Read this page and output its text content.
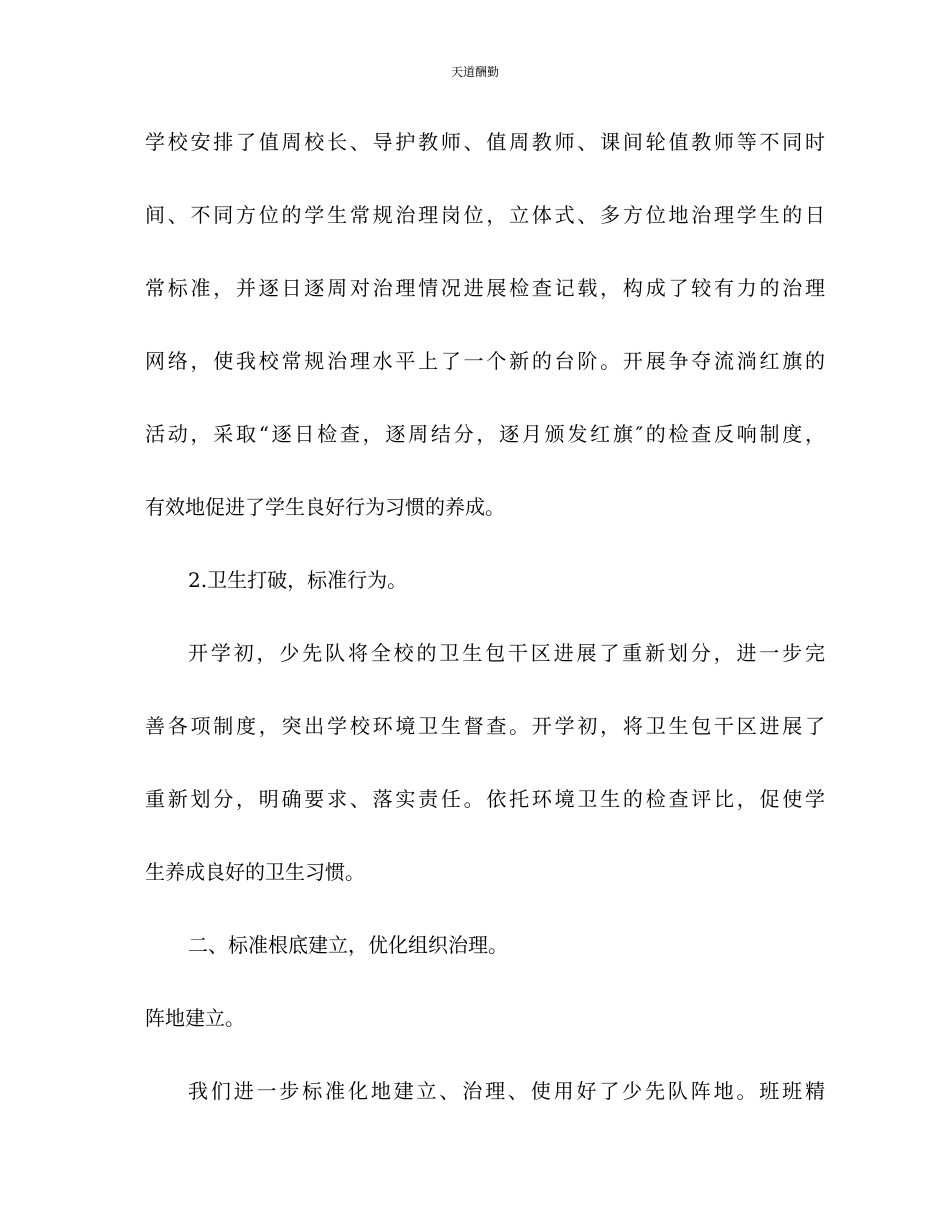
天道酬勤
学校安排了值周校长、导护教师、值周教师、课间轮值教师等不同时
间、不同方位的学生常规治理岗位，立体式、多方位地治理学生的日
常标准，并逐日逐周对治理情况进展检查记载，构成了较有力的治理
网络，使我校常规治理水平上了一个新的台阶。开展争夺流淌红旗的
活动，采取“逐日检查，逐周结分，逐月颁发红旗″的检查反响制度，
有效地促进了学生良好行为习惯的养成。
2.卫生打破，标准行为。
开学初，少先队将全校的卫生包干区进展了重新划分，进一步完
善各项制度，突出学校环境卫生督查。开学初，将卫生包干区进展了
重新划分，明确要求、落实责任。依托环境卫生的检查评比，促使学
生养成良好的卫生习惯。
二、标准根底建立，优化组织治理。
阵地建立。
我们进一步标准化地建立、治理、使用好了少先队阵地。班班精
